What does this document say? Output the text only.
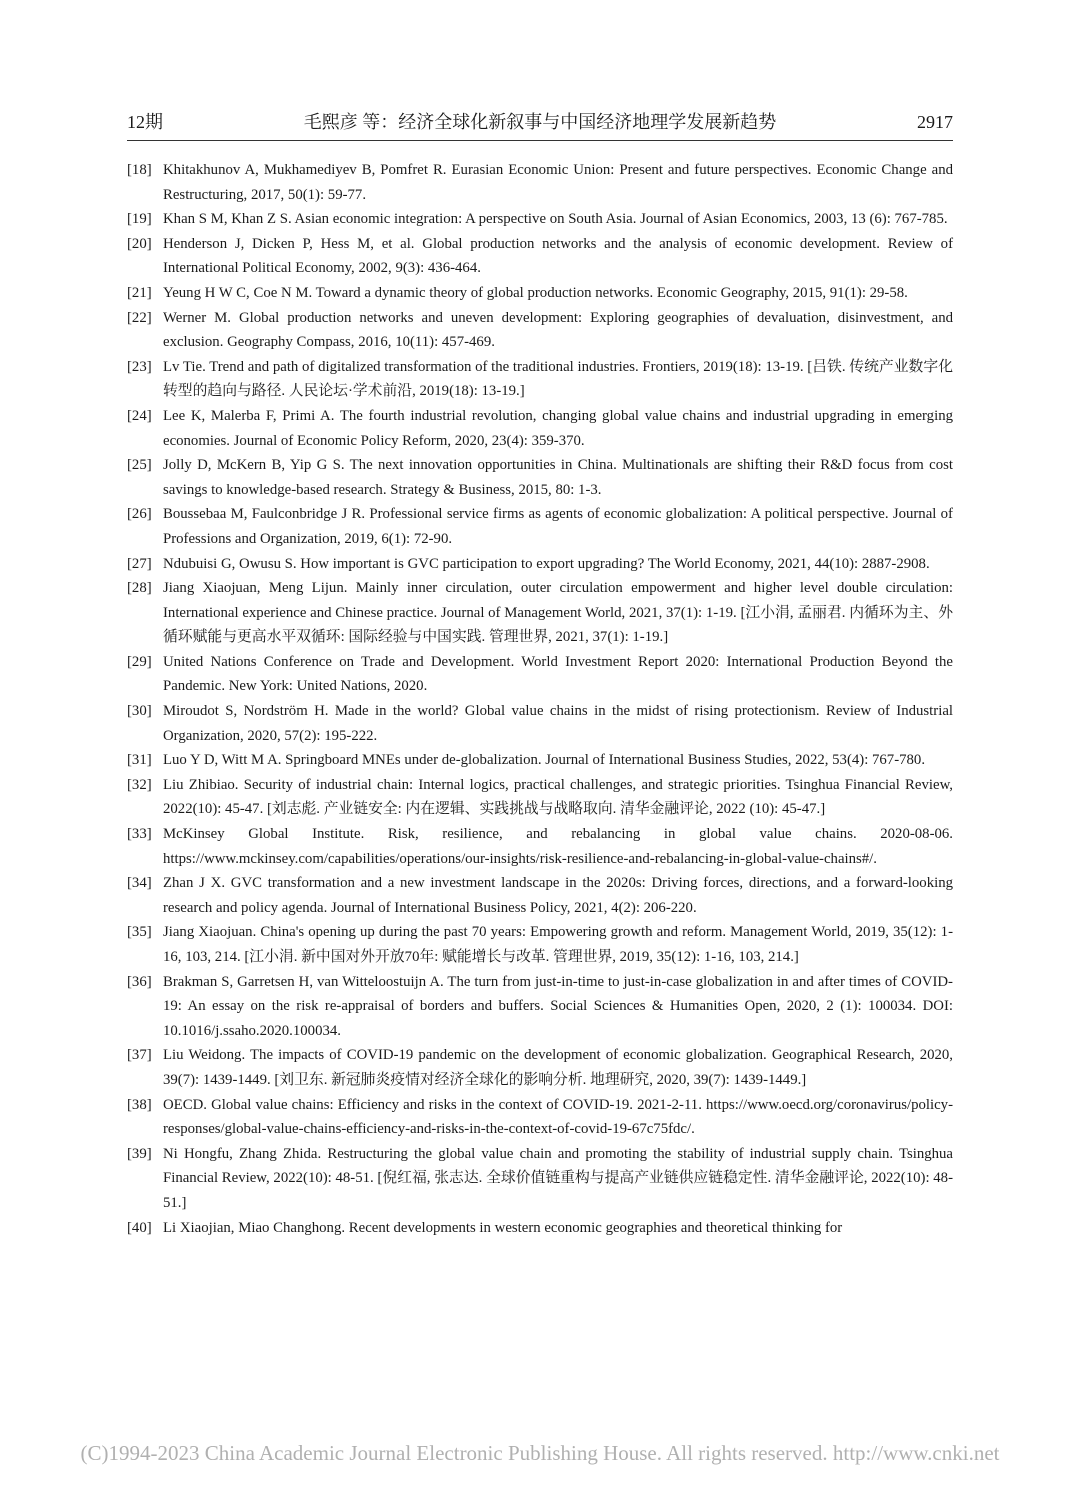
12期	毛熙彦 等：经济全球化新叙事与中国经济地理学发展新趋势	2917
[18] Khitakhunov A, Mukhamediyev B, Pomfret R. Eurasian Economic Union: Present and future perspectives. Economic Change and Restructuring, 2017, 50(1): 59-77.
[19] Khan S M, Khan Z S. Asian economic integration: A perspective on South Asia. Journal of Asian Economics, 2003, 13 (6): 767-785.
[20] Henderson J, Dicken P, Hess M, et al. Global production networks and the analysis of economic development. Review of International Political Economy, 2002, 9(3): 436-464.
[21] Yeung H W C, Coe N M. Toward a dynamic theory of global production networks. Economic Geography, 2015, 91(1): 29-58.
[22] Werner M. Global production networks and uneven development: Exploring geographies of devaluation, disinvestment, and exclusion. Geography Compass, 2016, 10(11): 457-469.
[23] Lv Tie. Trend and path of digitalized transformation of the traditional industries. Frontiers, 2019(18): 13-19. [吕铁. 传统产业数字化转型的趋向与路径. 人民论坛·学术前沿, 2019(18): 13-19.]
[24] Lee K, Malerba F, Primi A. The fourth industrial revolution, changing global value chains and industrial upgrading in emerging economies. Journal of Economic Policy Reform, 2020, 23(4): 359-370.
[25] Jolly D, McKern B, Yip G S. The next innovation opportunities in China. Multinationals are shifting their R&D focus from cost savings to knowledge-based research. Strategy & Business, 2015, 80: 1-3.
[26] Boussebaa M, Faulconbridge J R. Professional service firms as agents of economic globalization: A political perspective. Journal of Professions and Organization, 2019, 6(1): 72-90.
[27] Ndubuisi G, Owusu S. How important is GVC participation to export upgrading? The World Economy, 2021, 44(10): 2887-2908.
[28] Jiang Xiaojuan, Meng Lijun. Mainly inner circulation, outer circulation empowerment and higher level double circulation: International experience and Chinese practice. Journal of Management World, 2021, 37(1): 1-19. [江小涓, 孟丽君. 内循环为主、外循环赋能与更高水平双循环: 国际经验与中国实践. 管理世界, 2021, 37(1): 1-19.]
[29] United Nations Conference on Trade and Development. World Investment Report 2020: International Production Beyond the Pandemic. New York: United Nations, 2020.
[30] Miroudot S, Nordström H. Made in the world? Global value chains in the midst of rising protectionism. Review of Industrial Organization, 2020, 57(2): 195-222.
[31] Luo Y D, Witt M A. Springboard MNEs under de-globalization. Journal of International Business Studies, 2022, 53(4): 767-780.
[32] Liu Zhibiao. Security of industrial chain: Internal logics, practical challenges, and strategic priorities. Tsinghua Financial Review, 2022(10): 45-47. [刘志彪. 产业链安全: 内在逻辑、实践挑战与战略取向. 清华金融评论, 2022 (10): 45-47.]
[33] McKinsey Global Institute. Risk, resilience, and rebalancing in global value chains. 2020-08-06. https://www.mckinsey.com/capabilities/operations/our-insights/risk-resilience-and-rebalancing-in-global-value-chains#/.
[34] Zhan J X. GVC transformation and a new investment landscape in the 2020s: Driving forces, directions, and a forward-looking research and policy agenda. Journal of International Business Policy, 2021, 4(2): 206-220.
[35] Jiang Xiaojuan. China's opening up during the past 70 years: Empowering growth and reform. Management World, 2019, 35(12): 1-16, 103, 214. [江小涓. 新中国对外开放70年: 赋能增长与改革. 管理世界, 2019, 35(12): 1-16, 103, 214.]
[36] Brakman S, Garretsen H, van Witteloostuijn A. The turn from just-in-time to just-in-case globalization in and after times of COVID-19: An essay on the risk re-appraisal of borders and buffers. Social Sciences & Humanities Open, 2020, 2 (1): 100034. DOI: 10.1016/j.ssaho.2020.100034.
[37] Liu Weidong. The impacts of COVID-19 pandemic on the development of economic globalization. Geographical Research, 2020, 39(7): 1439-1449. [刘卫东. 新冠肺炎疫情对经济全球化的影响分析. 地理研究, 2020, 39(7): 1439-1449.]
[38] OECD. Global value chains: Efficiency and risks in the context of COVID-19. 2021-2-11. https://www.oecd.org/coronavirus/policy-responses/global-value-chains-efficiency-and-risks-in-the-context-of-covid-19-67c75fdc/.
[39] Ni Hongfu, Zhang Zhida. Restructuring the global value chain and promoting the stability of industrial supply chain. Tsinghua Financial Review, 2022(10): 48-51. [倪红福, 张志达. 全球价值链重构与提高产业链供应链稳定性. 清华金融评论, 2022(10): 48-51.]
[40] Li Xiaojian, Miao Changhong. Recent developments in western economic geographies and theoretical thinking for
(C)1994-2023 China Academic Journal Electronic Publishing House. All rights reserved. http://www.cnki.net
